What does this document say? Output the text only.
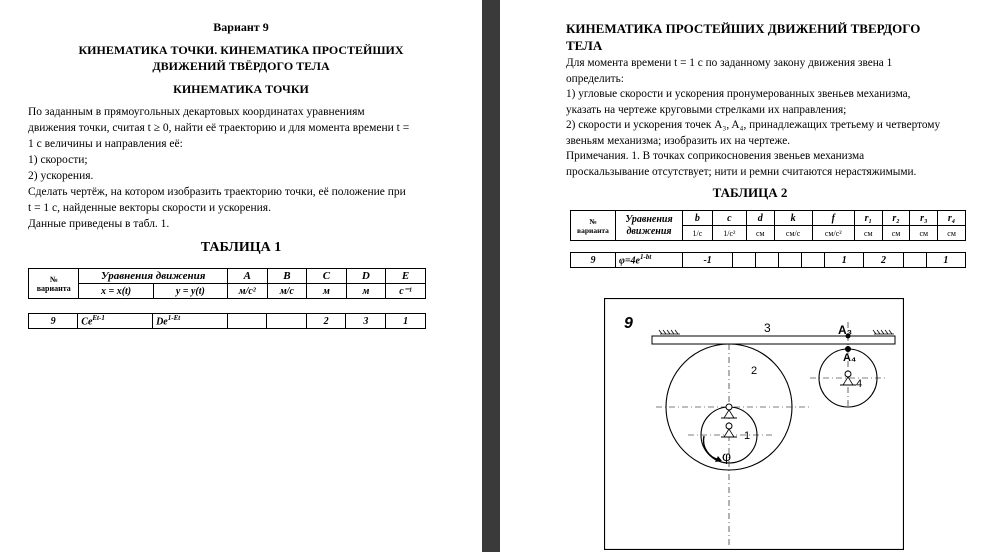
Вариант 9
КИНЕМАТИКА ТОЧКИ. КИНЕМАТИКА ПРОСТЕЙШИХ
ДВИЖЕНИЙ ТВЁРДОГО ТЕЛА
КИНЕМАТИКА ТОЧКИ
По заданным в прямоугольных декартовых координатах уравнениям
движения точки, считая t ≥ 0, найти её траекторию и для момента времени t =
1 с величины и направления её:
1) скорости;
2) ускорения.
Сделать чертёж, на котором изобразить траекторию точки, её положение при
t = 1 с, найденные векторы скорости и ускорения.
Данные приведены в табл. 1.
ТАБЛИЦА 1
№ варианта	Уравнения движения		A	B	C	D	E
	x = x(t)	y = y(t)	м/с²	м/с	м	м	с⁻¹
9	$Ce^{Et-1}$	$De^{1-Et}$			2	3	1
КИНЕМАТИКА ПРОСТЕЙШИХ ДВИЖЕНИЙ ТВЕРДОГО
ТЕЛА
Для момента времени t = 1 с по заданному закону движения звена 1
определить:
1) угловые скорости и ускорения пронумерованных звеньев механизма,
указать на чертеже круговыми стрелками их направления;
2) скорости и ускорения точек A₃, A₄, принадлежащих третьему и четвертому
звеньям механизма; изобразить их на чертеже.
Примечания. 1. В точках соприкосновения звеньев механизма
проскальзывание отсутствует; нити и ремни считаются нерастяжимыми.
ТАБЛИЦА 2
№ варианта	Уравнения движения	b	c	d	k	f	r₁	r₂	r₃	r₄
		1/с	1/с²	см	см/с	см/с²	см	см	см	см
9	$\varphi=4e^{1-bt}$	-1					1	2		1
9	3	A₃
A₄
2
4
1
φ
